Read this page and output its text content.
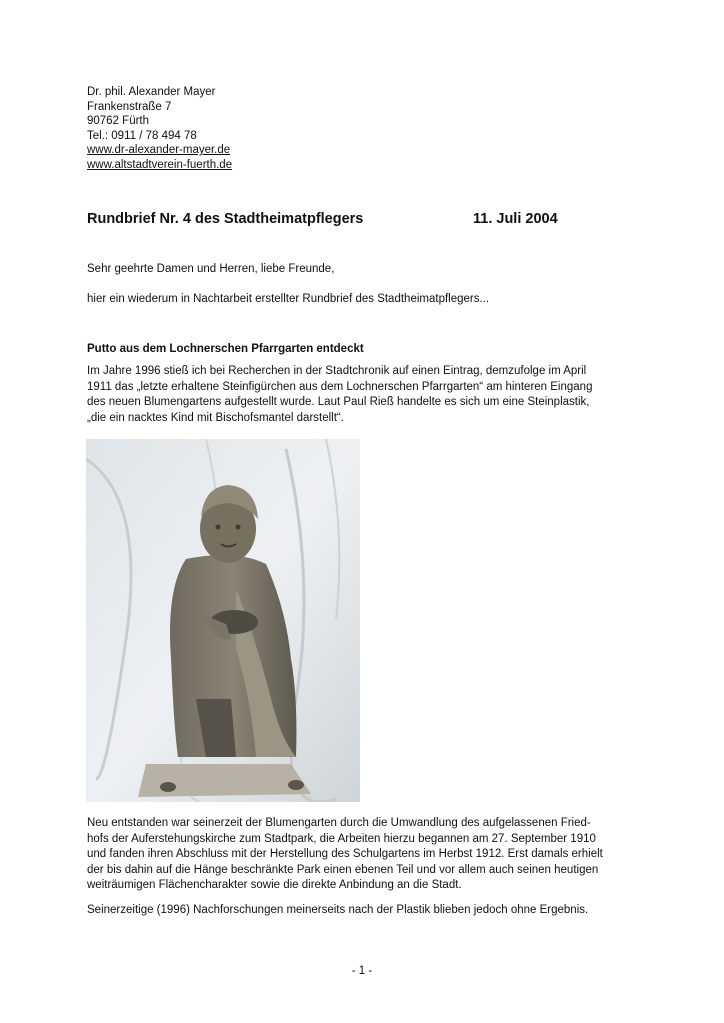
Dr. phil. Alexander Mayer
Frankenstraße 7
90762 Fürth
Tel.: 0911 / 78 494 78
www.dr-alexander-mayer.de
www.altstadtverein-fuerth.de
Rundbrief Nr. 4 des Stadtheimatpflegers	11. Juli 2004
Sehr geehrte Damen und Herren, liebe Freunde,
hier ein wiederum in Nachtarbeit erstellter Rundbrief des Stadtheimatpflegers...
Putto aus dem Lochnerschen Pfarrgarten entdeckt
Im Jahre 1996 stieß ich bei Recherchen in der Stadtchronik auf einen Eintrag, demzufolge im April
1911 das „letzte erhaltene Steinfigürchen aus dem Lochnerschen Pfarrgarten“ am hinteren Eingang
des neuen Blumengartens aufgestellt wurde. Laut Paul Rieß handelte es sich um eine Steinplastik,
„die ein nacktes Kind mit Bischofsmantel darstellt“.
Neu entstanden war seinerzeit der Blumengarten durch die Umwandlung des aufgelassenen Fried-
hofs der Auferstehungskirche zum Stadtpark, die Arbeiten hierzu begannen am 27. September 1910
und fanden ihren Abschluss mit der Herstellung des Schulgartens im Herbst 1912. Erst damals erhielt
der bis dahin auf die Hänge beschränkte Park einen ebenen Teil und vor allem auch seinen heutigen
weiträumigen Flächencharakter sowie die direkte Anbindung an die Stadt.
Seinerzeitige (1996) Nachforschungen meinerseits nach der Plastik blieben jedoch ohne Ergebnis.
- 1 -
